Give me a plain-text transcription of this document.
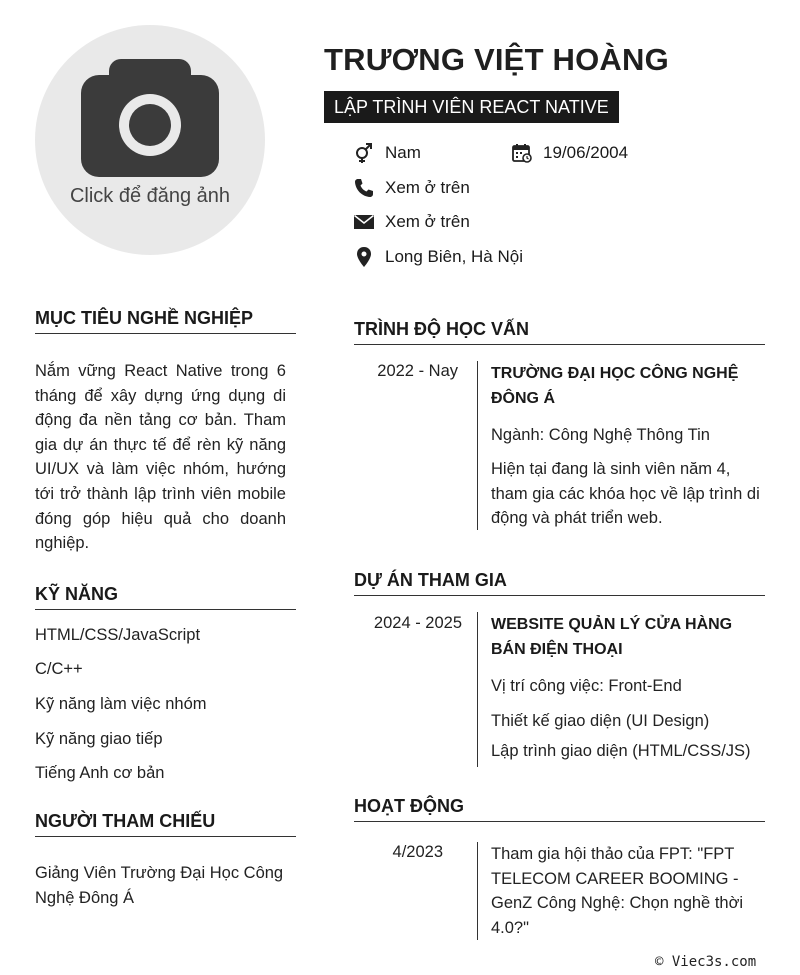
Click để đăng ảnh
TRƯƠNG VIỆT HOÀNG
LẬP TRÌNH VIÊN REACT NATIVE
Nam	19/06/2004
Xem ở trên
Xem ở trên
Long Biên, Hà Nội
MỤC TIÊU NGHỀ NGHIỆP
Nắm vững React Native trong 6 tháng để xây dựng ứng dụng di động đa nền tảng cơ bản. Tham gia dự án thực tế để rèn kỹ năng UI/UX và làm việc nhóm, hướng tới trở thành lập trình viên mobile đóng góp hiệu quả cho doanh nghiệp.
KỸ NĂNG
HTML/CSS/JavaScript
C/C++
Kỹ năng làm việc nhóm
Kỹ năng giao tiếp
Tiếng Anh cơ bản
NGƯỜI THAM CHIẾU
Giảng Viên Trường Đại Học Công Nghệ Đông Á
TRÌNH ĐỘ HỌC VẤN
2022 - Nay TRƯỜNG ĐẠI HỌC CÔNG NGHỆ ĐÔNG Á
Ngành: Công Nghệ Thông Tin
Hiện tại đang là sinh viên năm 4, tham gia các khóa học về lập trình di động và phát triển web.
DỰ ÁN THAM GIA
2024 - 2025 WEBSITE QUẢN LÝ CỬA HÀNG BÁN ĐIỆN THOẠI
Vị trí công việc: Front-End
Thiết kế giao diện (UI Design)
Lập trình giao diện (HTML/CSS/JS)
HOẠT ĐỘNG
4/2023	Tham gia hội thảo của FPT: "FPT TELECOM CAREER BOOMING - GenZ Công Nghệ: Chọn nghề thời 4.0?"
© Viec3s.com
